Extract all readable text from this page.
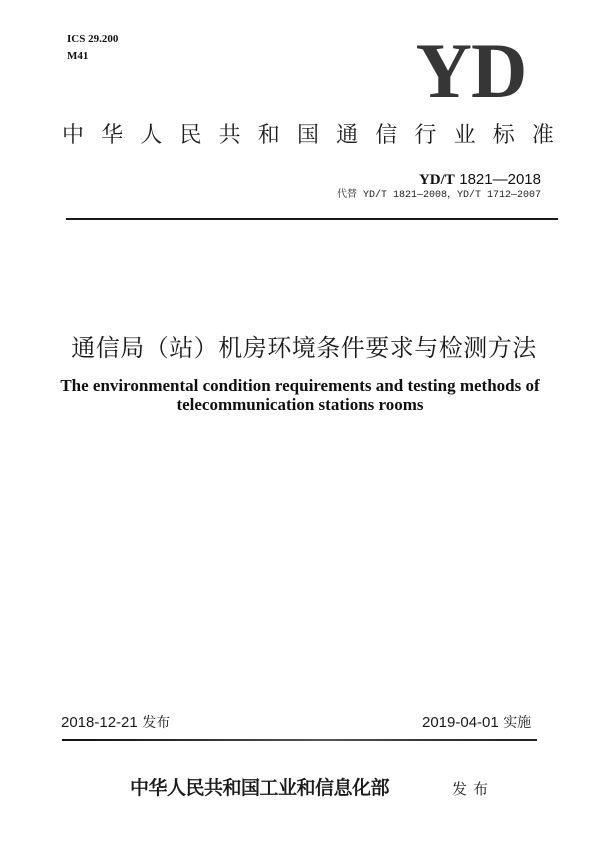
ICS 29.200
M41	YD
中 华 人 民 共 和 国 通 信 行 业 标 准
YD/T 1821—2018
代替 YD/T 1821—2008，YD/T 1712—2007
通信局（站）机房环境条件要求与检测方法
The environmental condition requirements and testing methods of
telecommunication stations rooms
2018-12-21 发布	2019-04-01 实施
中华人民共和国工业和信息化部	发布
